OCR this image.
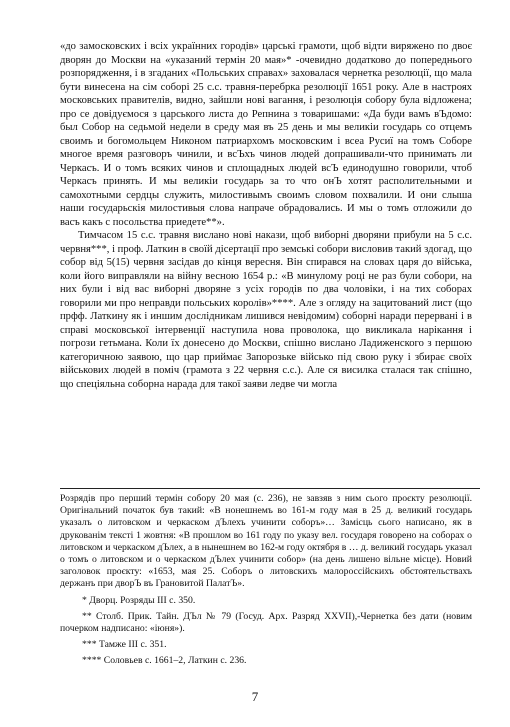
«до замосковских і всіх українних городів» царські грамоти, щоб відти виряжено по двоє дворян до Москви на «указаний термін 20 мая»* -очевидно додатково до попереднього розпорядження, і в згаданих «Польських справах» заховалася чернетка резолюції, що мала бути винесена на сім соборі 25 с.с. травня-перебрка резолюції 1651 року. Але в настроях московських правителів, видно, зайшли нові вагання, і резолюція собору була відложена; про се довідуємося з царського листа до Репнина з товаришами: «Да буди вамъ вЪдомо: был Собор на седьмой недели в среду мая въ 25 день и мы великіи государь со отцемъ своимъ и богомольцем Никоном патриархомъ московским і всеа Русиї на томъ Соборе многое время разговоръ чинили, и всЪхъ чинов людей допрашивали-что принимать ли Черкасъ. И о томъ всяких чинов и сплощадных людей всЪ единодушно говорили, чтоб Черкасъ принять. И мы великіи государь за то что онЪ хотят располительными и самохотными сердцы служить, милостивымъ своимъ словом похвалили. И они слыша наши государьскія милостивыя слова напраче обрадовались. И мы о томъ отложили до васъ какъ с посольства приедете**».

Тимчасом 15 с.с. травня вислано нові накази, щоб виборні дворяни прибули на 5 с.с. червня***, і проф. Латкин в своїй дісертації про земські собори висловив такий здогад, що собор від 5(15) червня засідав до кінця вересня. Він спирався на словах царя до війська, коли його виправляли на війну весною 1654 р.: «В минулому році не раз були собори, на них були і від вас виборні дворяне з усіх городів по два чоловіки, і на тих соборах говорили ми про неправди польських королів»****. Але з огляду на зацитований лист (що прфф. Латкину як і иншим дослідникам лишився невідомим) соборні наради перервані і в справі московської інтервенції наступила нова проволока, що викликала нарікання і погрози гетьмана. Коли їх донесено до Москви, спішно вислано Ладиженского з першою категоричною заявою, що цар приймає Запорозьке військо під свою руку і збирає своїх військових людей в поміч (грамота з 22 червня с.с.). Але ся висилка сталася так спішно, що спеціяльна соборна нарада для такої заяви ледве чи могла

Розрядів про перший термін собору 20 мая (с. 236), не завзяв з ним сього проєкту резолюції. Оригінальний початок був такий: «В нонешнемъ во 161-м году мая в 25 д. великий государь указалъ о литовском и черкаском дЪлехъ учинити соборъ»… Замісць сього написано, як в друкованім тексті 1 жовтня: «В прошлом во 161 году по указу вел. государя говорено на соборах о литовском и черкаском дЪлех, а в нынешнем во 162-м году октября в … д. великий государь указал о томъ о литовском и о черкаском дЪлех учинити собор» (на день лишено вільне місце). Новий заголовок проєкту: «1653, мая 25. Соборъ о литовскихъ малороссійскихъ обстоятельствахъ держанъ при дворЪ въ Грановитой ПалатЪ».

* Дворц. Розряды III с. 350.

** Столб. Прик. Тайн. ДЪл № 79 (Госуд. Арх. Разряд XXVII),-Чернетка без дати (новим почерком надписано: «іюня»).

*** Тамже III с. 351.

**** Соловьев с. 1661–2, Латкин с. 236.

7
